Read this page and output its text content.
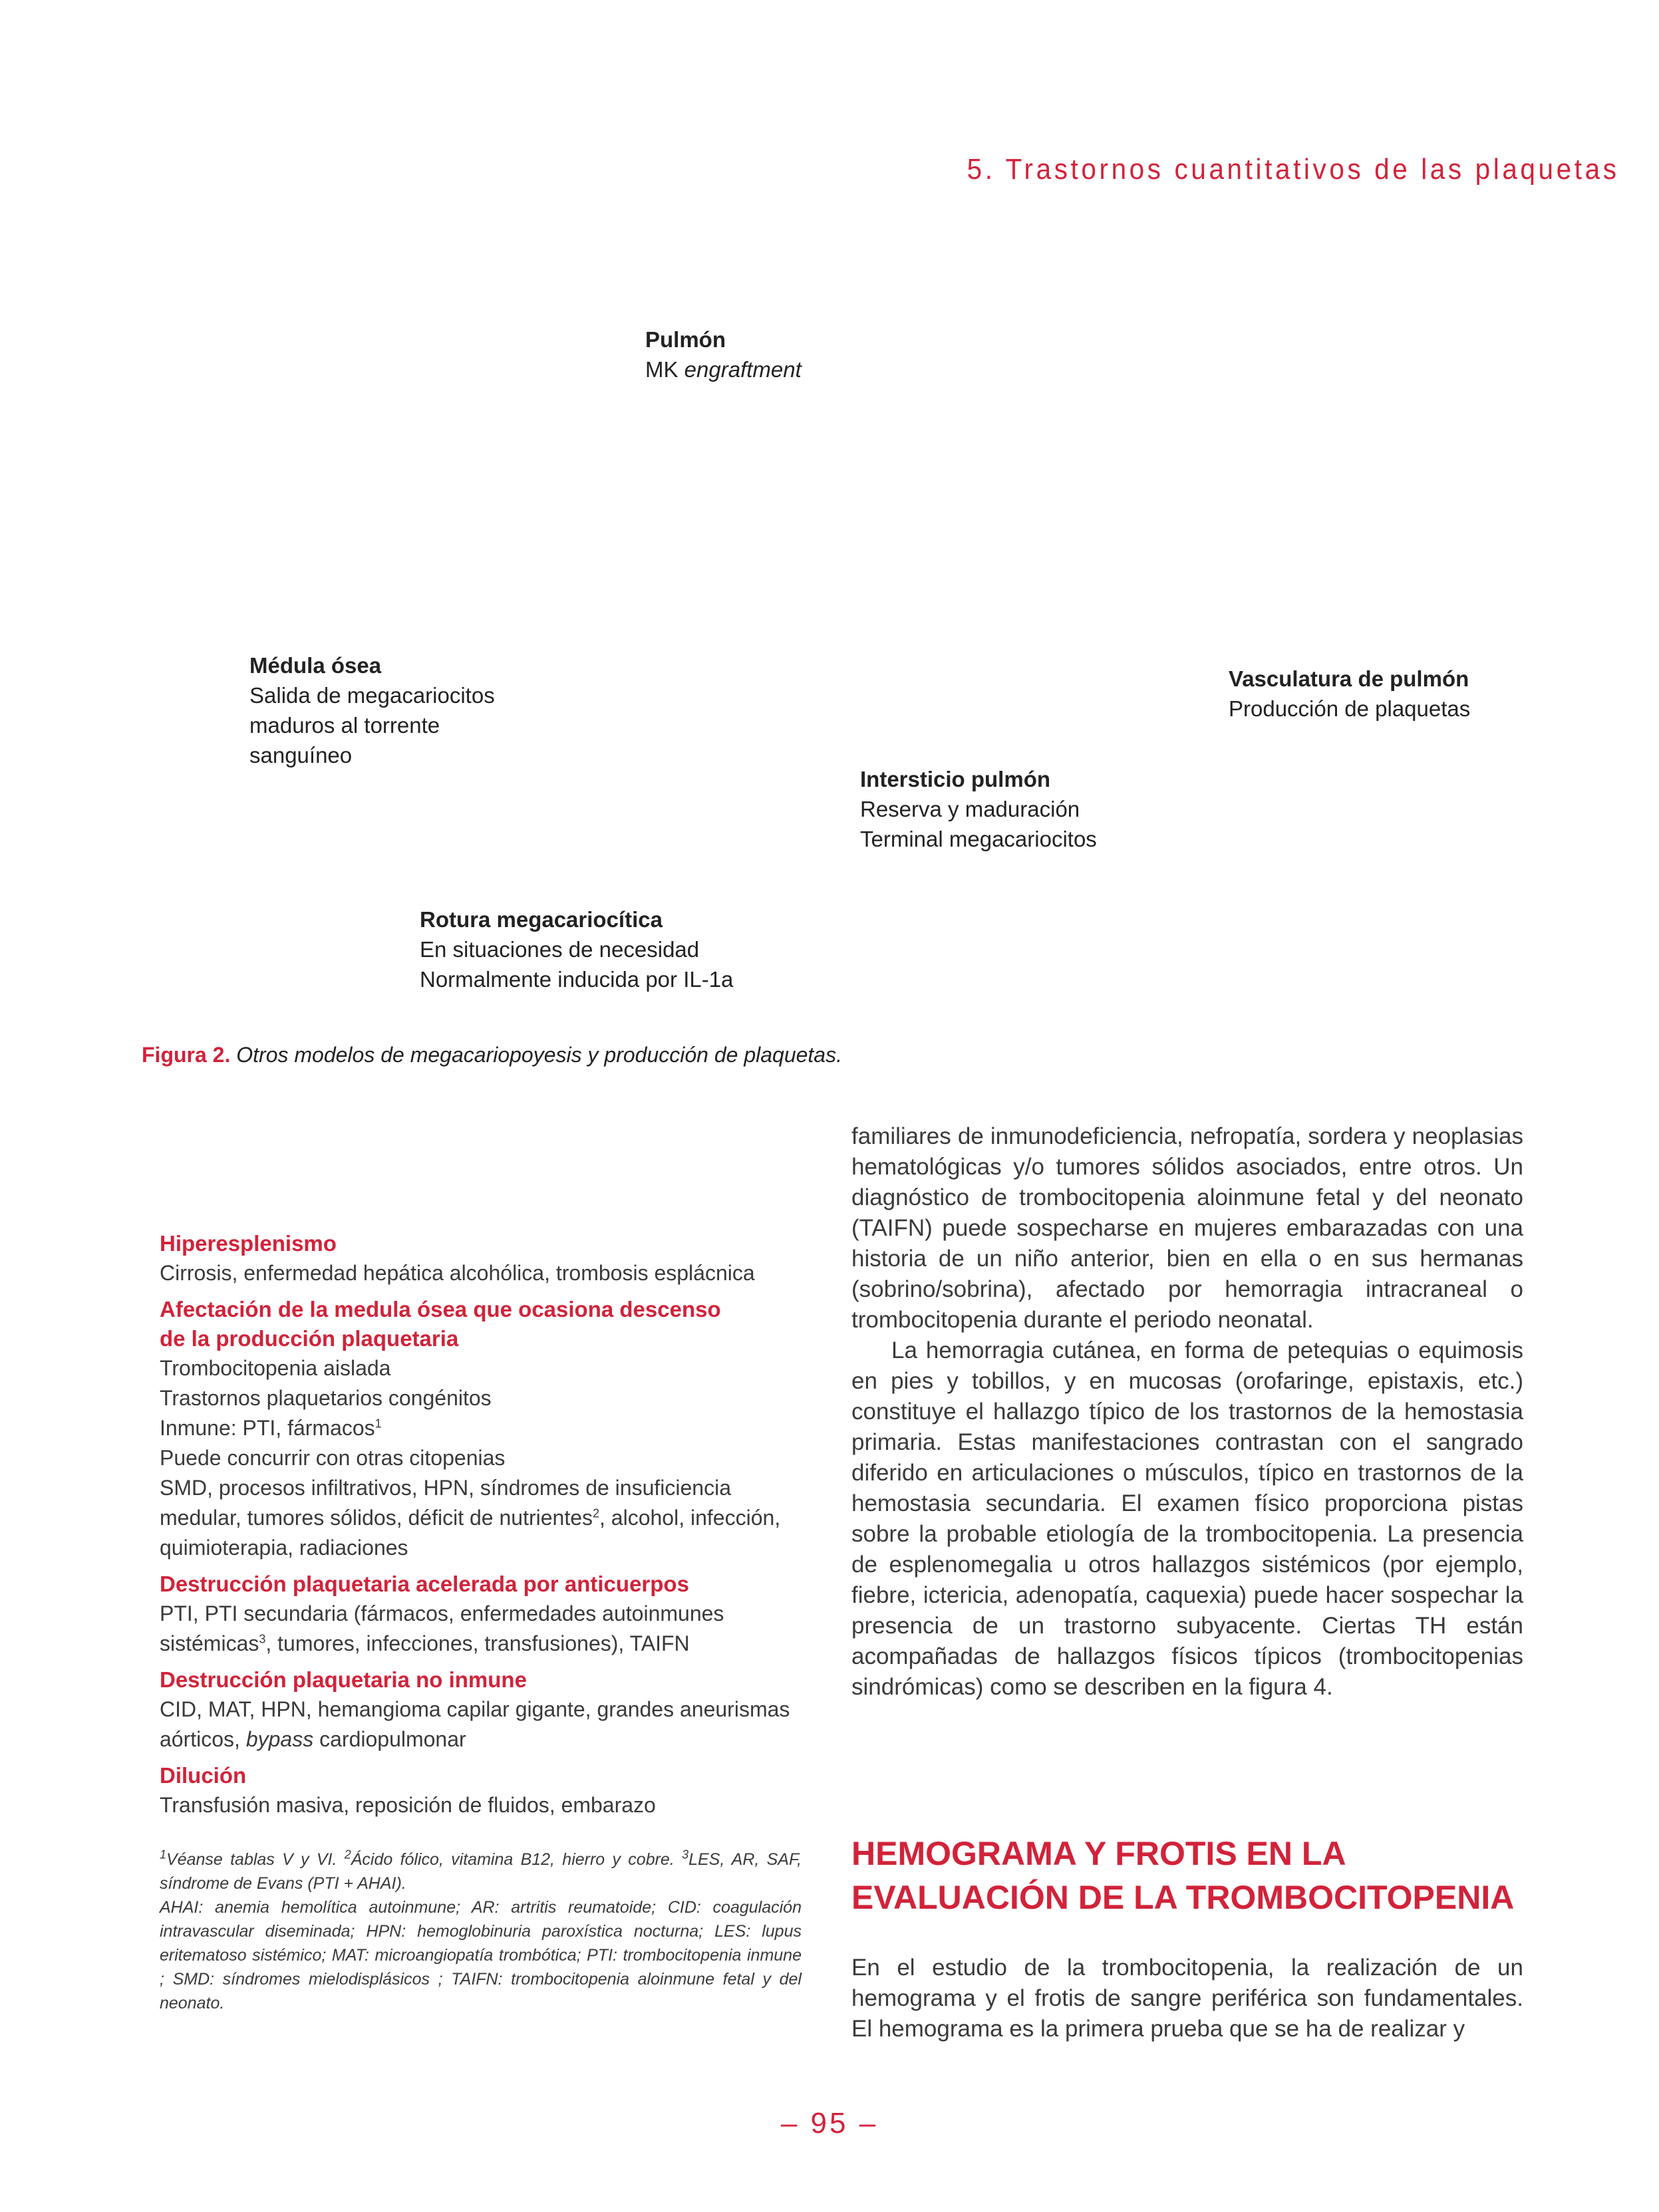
5. Trastornos cuantitativos de las plaquetas
Pulmón
MK engraftment
Médula ósea
Salida de megacariocitos
maduros al torrente
sanguíneo
Vasculatura de pulmón
Producción de plaquetas
Intersticio pulmón
Reserva y maduración
Terminal megacariocitos
Rotura megacariocítica
En situaciones de necesidad
Normalmente inducida por IL-1a
Figura 2. Otros modelos de megacariopoyesis y producción de plaquetas.
Hiperesplenismo
Cirrosis, enfermedad hepática alcohólica, trombosis esplácnica
Afectación de la medula ósea que ocasiona descenso
de la producción plaquetaria
Trombocitopenia aislada
Trastornos plaquetarios congénitos
Inmune: PTI, fármacos$^1$
Puede concurrir con otras citopenias
SMD, procesos infiltrativos, HPN, síndromes de insuficiencia
medular, tumores sólidos, déficit de nutrientes$^2$, alcohol, infección,
quimioterapia, radiaciones
Destrucción plaquetaria acelerada por anticuerpos
PTI, PTI secundaria (fármacos, enfermedades autoinmunes
sistémicas$^3$, tumores, infecciones, transfusiones), TAIFN
Destrucción plaquetaria no inmune
CID, MAT, HPN, hemangioma capilar gigante, grandes aneurismas
aórticos, bypass cardiopulmonar
Dilución
Transfusión masiva, reposición de fluidos, embarazo

$^1$Véanse tablas V y VI. $^2$Ácido fólico, vitamina B12, hierro y cobre. $^3$LES, AR, SAF, síndrome de Evans (PTI + AHAI).

AHAI: anemia hemolítica autoinmune; AR: artritis reumatoide; CID: coagulación intravascular diseminada; HPN: hemoglobinuria paroxística nocturna; LES: lupus eritematoso sistémico; MAT: microangiopatía trombótica; PTI: trombocitopenia inmune ; SMD: síndromes mielodisplásicos ; TAIFN: trombocitopenia aloinmune fetal y del neonato.

familiares de inmunodeficiencia, nefropatía, sordera y neoplasias hematológicas y/o tumores sólidos asociados, entre otros. Un diagnóstico de trombocitopenia aloinmune fetal y del neonato (TAIFN) puede sospecharse en mujeres embarazadas con una historia de un niño anterior, bien en ella o en sus hermanas (sobrino/sobrina), afectado por hemorragia intracraneal o trombocitopenia durante el periodo neonatal.

La hemorragia cutánea, en forma de petequias o equimosis en pies y tobillos, y en mucosas (orofaringe, epistaxis, etc.) constituye el hallazgo típico de los trastornos de la hemostasia primaria. Estas manifestaciones contrastan con el sangrado diferido en articulaciones o músculos, típico en trastornos de la hemostasia secundaria. El examen físico proporciona pistas sobre la probable etiología de la trombocitopenia. La presencia de esplenomegalia u otros hallazgos sistémicos (por ejemplo, fiebre, ictericia, adenopatía, caquexia) puede hacer sospechar la presencia de un trastorno subyacente. Ciertas TH están acompañadas de hallazgos físicos típicos (trombocitopenias sindrómicas) como se describen en la figura 4.

HEMOGRAMA Y FROTIS EN LA
EVALUACIÓN DE LA TROMBOCITOPENIA

En el estudio de la trombocitopenia, la realización de un hemograma y el frotis de sangre periférica son fundamentales. El hemograma es la primera prueba que se ha de realizar y

– 95 –
